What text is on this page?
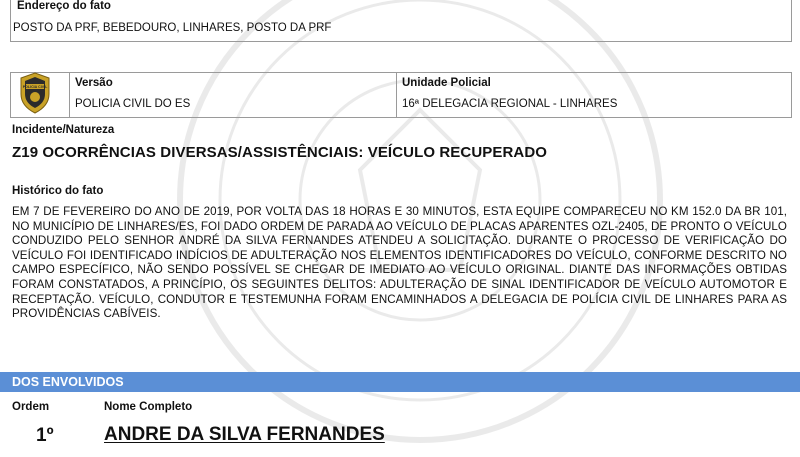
Endereço do fato
POSTO DA PRF, BEBEDOURO, LINHARES, POSTO DA PRF
Versão
POLICIA CIVIL DO ES
Unidade Policial
16ª DELEGACIA REGIONAL - LINHARES
POLICIA CIVIL
Incidente/Natureza
Z19 OCORRÊNCIAS DIVERSAS/ASSISTÊNCIAIS: VEÍCULO RECUPERADO
Histórico do fato
EM 7 DE FEVEREIRO DO ANO DE 2019, POR VOLTA DAS 18 HORAS E 30 MINUTOS, ESTA EQUIPE COMPARECEU NO KM 152.0 DA BR 101, NO MUNICÍPIO DE LINHARES/ES, FOI DADO ORDEM DE PARADA AO VEÍCULO DE PLACAS APARENTES OZL-2405, DE PRONTO O VEÍCULO CONDUZIDO PELO SENHOR ANDRÉ DA SILVA FERNANDES ATENDEU A SOLICITAÇÃO. DURANTE O PROCESSO DE VERIFICAÇÃO DO VEÍCULO FOI IDENTIFICADO INDÍCIOS DE ADULTERAÇÃO NOS ELEMENTOS IDENTIFICADORES DO VEÍCULO, CONFORME DESCRITO NO CAMPO ESPECÍFICO, NÃO SENDO POSSÍVEL SE CHEGAR DE IMEDIATO AO VEÍCULO ORIGINAL. DIANTE DAS INFORMAÇÕES OBTIDAS FORAM CONSTATADOS, A PRINCÍPIO, OS SEGUINTES DELITOS: ADULTERAÇÃO DE SINAL IDENTIFICADOR DE VEÍCULO AUTOMOTOR E RECEPTAÇÃO. VEÍCULO, CONDUTOR E TESTEMUNHA FORAM ENCAMINHADOS A DELEGACIA DE POLÍCIA CIVIL DE LINHARES PARA AS PROVIDÊNCIAS CABÍVEIS.
DOS ENVOLVIDOS
Ordem	Nome Completo
1º	ANDRE DA SILVA FERNANDES
